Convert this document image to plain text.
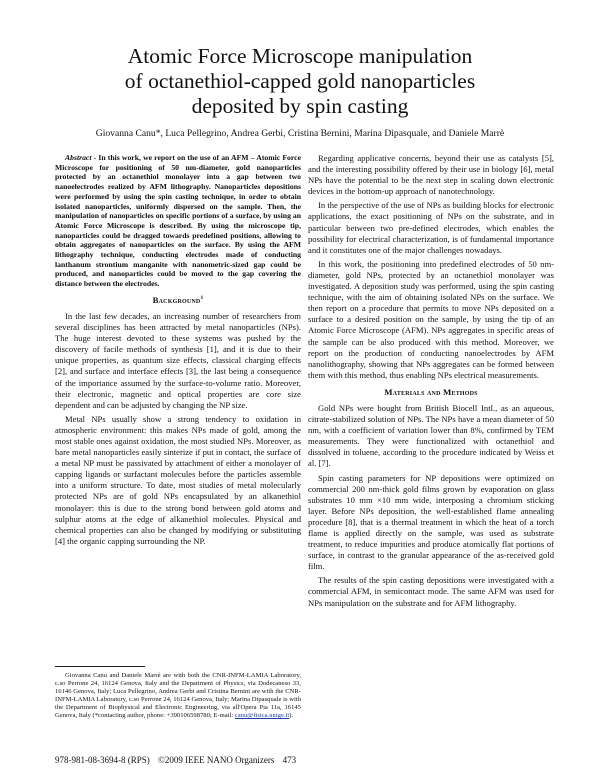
Atomic Force Microscope manipulation
of octanethiol-capped gold nanoparticles
deposited by spin casting
Giovanna Canu*, Luca Pellegrino, Andrea Gerbi, Cristina Bernini, Marina Dipasquale, and Daniele Marrè

Abstract - In this work, we report on the use of an AFM – Atomic Force Microscope for positioning of 50 nm-diameter, gold nanoparticles protected by an octanethiol monolayer into a gap between two nanoelectrodes realized by AFM lithography. Nanoparticles depositions were performed by using the spin casting technique, in order to obtain isolated nanoparticles, uniformly dispersed on the sample. Then, the manipulation of nanoparticles on specific portions of a surface, by using an Atomic Force Microscope is described. By using the microscope tip, nanoparticles could be dragged towards predefined positions, allowing to obtain aggregates of nanoparticles on the surface. By using the AFM lithography technique, conducting electrodes made of conducting lanthanum strontium manganite with nanometric-sized gap could be produced, and nanoparticles could be moved to the gap covering the distance between the electrodes.

Background$^1$

In the last few decades, an increasing number of researchers from several disciplines has been attracted by metal nanoparticles (NPs). The huge interest devoted to these systems was pushed by the discovery of facile methods of synthesis [1], and it is due to their unique properties, as quantum size effects, classical charging effects [2], and surface and interface effects [3], the last being a consequence of the importance assumed by the surface-to-volume ratio. Moreover, their electronic, magnetic and optical properties are core size dependent and can be adjusted by changing the NP size.

Metal NPs usually show a strong tendency to oxidation in atmospheric environment: this makes NPs made of gold, among the most stable ones against oxidation, the most studied NPs. Moreover, as bare metal nanoparticles easily sinterize if put in contact, the surface of a metal NP must be passivated by attachment of either a monolayer of capping ligands or surfactant molecules before the particles assemble into a uniform structure. To date, most studies of metal molecularly protected NPs are of gold NPs encapsulated by an alkanethiol monolayer: this is due to the strong bond between gold atoms and sulphur atoms at the edge of alkanethiol molecules. Physical and chemical properties can also be changed by modifying or substituting [4] the organic capping surrounding the NP.

Regarding applicative concerns, beyond their use as catalysts [5], and the interesting possibility offered by their use in biology [6], metal NPs have the potential to be the next step in scaling down electronic devices in the bottom-up approach of nanotechnology.

In the perspective of the use of NPs as building blocks for electronic applications, the exact positioning of NPs on the substrate, and in particular between two pre-defined electrodes, which enables the possibility for electrical characterization, is of fundamental importance and it constitutes one of the major challenges nowadays.

In this work, the positioning into predefined electrodes of 50 nm-diameter, gold NPs, protected by an octanethiol monolayer was investigated. A deposition study was performed, using the spin casting technique, with the aim of obtaining isolated NPs on the surface. We then report on a procedure that permits to move NPs deposited on a surface to a desired position on the sample, by using the tip of an Atomic Force Microscope (AFM). NPs aggregates in specific areas of the sample can be also produced with this method. Moreover, we report on the production of conducting nanoelectrodes by AFM nanolithography, showing that NPs aggregates can be formed between them with this method, thus enabling NPs electrical measurements.

Materials and Methods

Gold NPs were bought from British Biocell Intl., as an aqueous, citrate-stabilized solution of NPs. The NPs have a mean diameter of 50 nm, with a coefficient of variation lower than 8%, confirmed by TEM measurements. They were functionalized with octanethiol and dissolved in toluene, according to the procedure indicated by Weiss et al. [7].

Spin casting parameters for NP depositions were optimized on commercial 200 nm-thick gold films grown by evaporation on glass substrates 10 mm ×10 mm wide, interposing a chromium sticking layer. Before NPs deposition, the well-established flame annealing procedure [8], that is a thermal treatment in which the heat of a torch flame is applied directly on the sample, was used as substrate treatment, to reduce impurities and produce atomically flat portions of surface, in contrast to the granular appearance of the as-received gold film.

The results of the spin casting depositions were investigated with a commercial AFM, in semicontact mode. The same AFM was used for NPs manipulation on the substrate and for AFM lithography.

Giovanna Canu and Daniele Marrè are with both the CNR-INFM-LAMIA Laboratory, c.so Perrone 24, 16124 Genova, Italy and the Department of Physics, via Dodecaneso 33, 16146 Genova, Italy; Luca Pellegrino, Andrea Gerbi and Cristina Bernini are with the CNR-INFM-LAMIA Laboratory, c.so Perrone 24, 16124 Genova, Italy; Marina Dipasquale is with the Department of Biophysical and Electronic Engineering, via all'Opera Pia 11a, 16145 Genova, Italy (*contacting author, phone: +390106598780; E-mail: canu@fisica.unige.it).
978-981-08-3694-8 (RPS) ©2009 IEEE NANO Organizers 473
